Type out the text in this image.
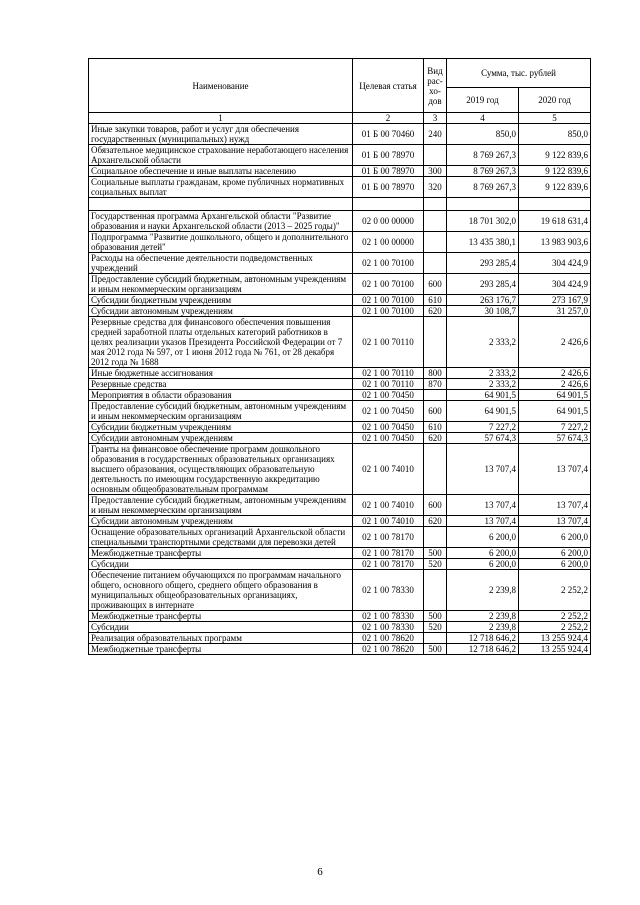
Наименование	Целевая статья	Вид рас-хо-дов	Сумма, тыс. рублей	
			2019 год	2020 год
1	2	3	4	5
Иные закупки товаров, работ и услуг для обеспечения государственных (муниципальных) нужд	01 Б 00 70460	240	850,0	850,0
Обязательное медицинское страхование неработающего населения Архангельской области	01 Б 00 78970		8 769 267,3	9 122 839,6
Социальное обеспечение и иные выплаты населению	01 Б 00 78970	300	8 769 267,3	9 122 839,6
Социальные выплаты гражданам, кроме публичных нормативных социальных выплат	01 Б 00 78970	320	8 769 267,3	9 122 839,6

Государственная программа Архангельской области "Развитие образования и науки Архангельской области (2013 – 2025 годы)"	02 0 00 00000		18 701 302,0	19 618 631,4
Подпрограмма "Развитие дошкольного, общего и дополнительного образования детей"	02 1 00 00000		13 435 380,1	13 983 903,6
Расходы на обеспечение деятельности подведомственных учреждений	02 1 00 70100		293 285,4	304 424,9
Предоставление субсидий бюджетным, автономным учреждениям и иным некоммерческим организациям	02 1 00 70100	600	293 285,4	304 424,9
Субсидии бюджетным учреждениям	02 1 00 70100	610	263 176,7	273 167,9
Субсидии автономным учреждениям	02 1 00 70100	620	30 108,7	31 257,0
Резервные средства для финансового обеспечения повышения средней заработной платы отдельных категорий работников в целях реализации указов Президента Российской Федерации от 7 мая 2012 года № 597, от 1 июня 2012 года № 761, от 28 декабря 2012 года № 1688	02 1 00 70110		2 333,2	2 426,6
Иные бюджетные ассигнования	02 1 00 70110	800	2 333,2	2 426,6
Резервные средства	02 1 00 70110	870	2 333,2	2 426,6
Мероприятия в области образования	02 1 00 70450		64 901,5	64 901,5
Предоставление субсидий бюджетным, автономным учреждениям и иным некоммерческим организациям	02 1 00 70450	600	64 901,5	64 901,5
Субсидии бюджетным учреждениям	02 1 00 70450	610	7 227,2	7 227,2
Субсидии автономным учреждениям	02 1 00 70450	620	57 674,3	57 674,3
Гранты на финансовое обеспечение программ дошкольного образования в государственных образовательных организациях высшего образования, осуществляющих образовательную деятельность по имеющим государственную аккредитацию основным общеобразовательным программам	02 1 00 74010		13 707,4	13 707,4
Предоставление субсидий бюджетным, автономным учреждениям и иным некоммерческим организациям	02 1 00 74010	600	13 707,4	13 707,4
Субсидии автономным учреждениям	02 1 00 74010	620	13 707,4	13 707,4
Оснащение образовательных организаций Архангельской области специальными транспортными средствами для перевозки детей	02 1 00 78170		6 200,0	6 200,0
Межбюджетные трансферты	02 1 00 78170	500	6 200,0	6 200,0
Субсидии	02 1 00 78170	520	6 200,0	6 200,0
Обеспечение питанием обучающихся по программам начального общего, основного общего, среднего общего образования в муниципальных общеобразовательных организациях, проживающих в интернате	02 1 00 78330		2 239,8	2 252,2
Межбюджетные трансферты	02 1 00 78330	500	2 239,8	2 252,2
Субсидии	02 1 00 78330	520	2 239,8	2 252,2
Реализация образовательных программ	02 1 00 78620		12 718 646,2	13 255 924,4
Межбюджетные трансферты	02 1 00 78620	500	12 718 646,2	13 255 924,4
6
